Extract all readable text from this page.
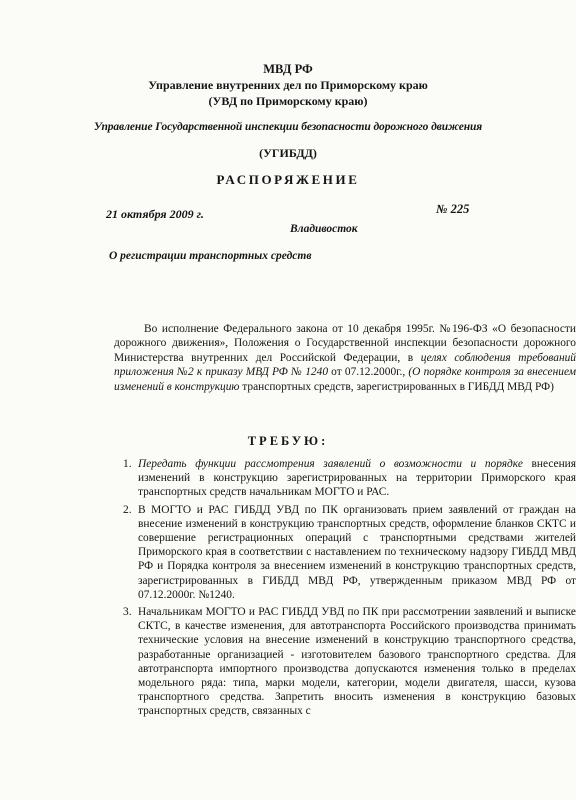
МВД РФ
Управление внутренних дел по Приморскому краю
(УВД по Приморскому краю)
Управление Государственной инспекции безопасности дорожного движения
(УГИБДД)
РАСПОРЯЖЕНИЕ
21 октября 2009 г.	№ 225
Владивосток
О регистрации транспортных средств

Во исполнение Федерального закона от 10 декабря 1995г. №196-ФЗ «О безопасности дорожного движения», Положения о Государственной инспекции безопасности дорожного Министерства внутренних дел Российской Федерации, в целях соблюдения требований приложения №2 к приказу МВД РФ № 1240 от 07.12.2000г., (О порядке контроля за внесением изменений в конструкцию транспортных средств, зарегистрированных в ГИБДД МВД РФ)

ТРЕБУЮ:
1. Передать функции рассмотрения заявлений о возможности и порядке внесения изменений в конструкцию зарегистрированных на территории Приморского края транспортных средств начальникам МОГТО и РАС.
2. В МОГТО и РАС ГИБДД УВД по ПК организовать прием заявлений от граждан на внесение изменений в конструкцию транспортных средств, оформление бланков СКТС и совершение регистрационных операций с транспортными средствами жителей Приморского края в соответствии с наставлением по техническому надзору ГИБДД МВД РФ и Порядка контроля за внесением изменений в конструкцию транспортных средств, зарегистрированных в ГИБДД МВД РФ, утвержденным приказом МВД РФ от 07.12.2000г. №1240.
3. Начальникам МОГТО и РАС ГИБДД УВД по ПК при рассмотрении заявлений и выписке СКТС, в качестве изменения, для автотранспорта Российского производства принимать технические условия на внесение изменений в конструкцию транспортного средства, разработанные организацией - изготовителем базового транспортного средства. Для автотранспорта импортного производства допускаются изменения только в пределах модельного ряда: типа, марки модели, категории, модели двигателя, шасси, кузова транспортного средства. Запретить вносить изменения в конструкцию базовых транспортных средств, связанных с
